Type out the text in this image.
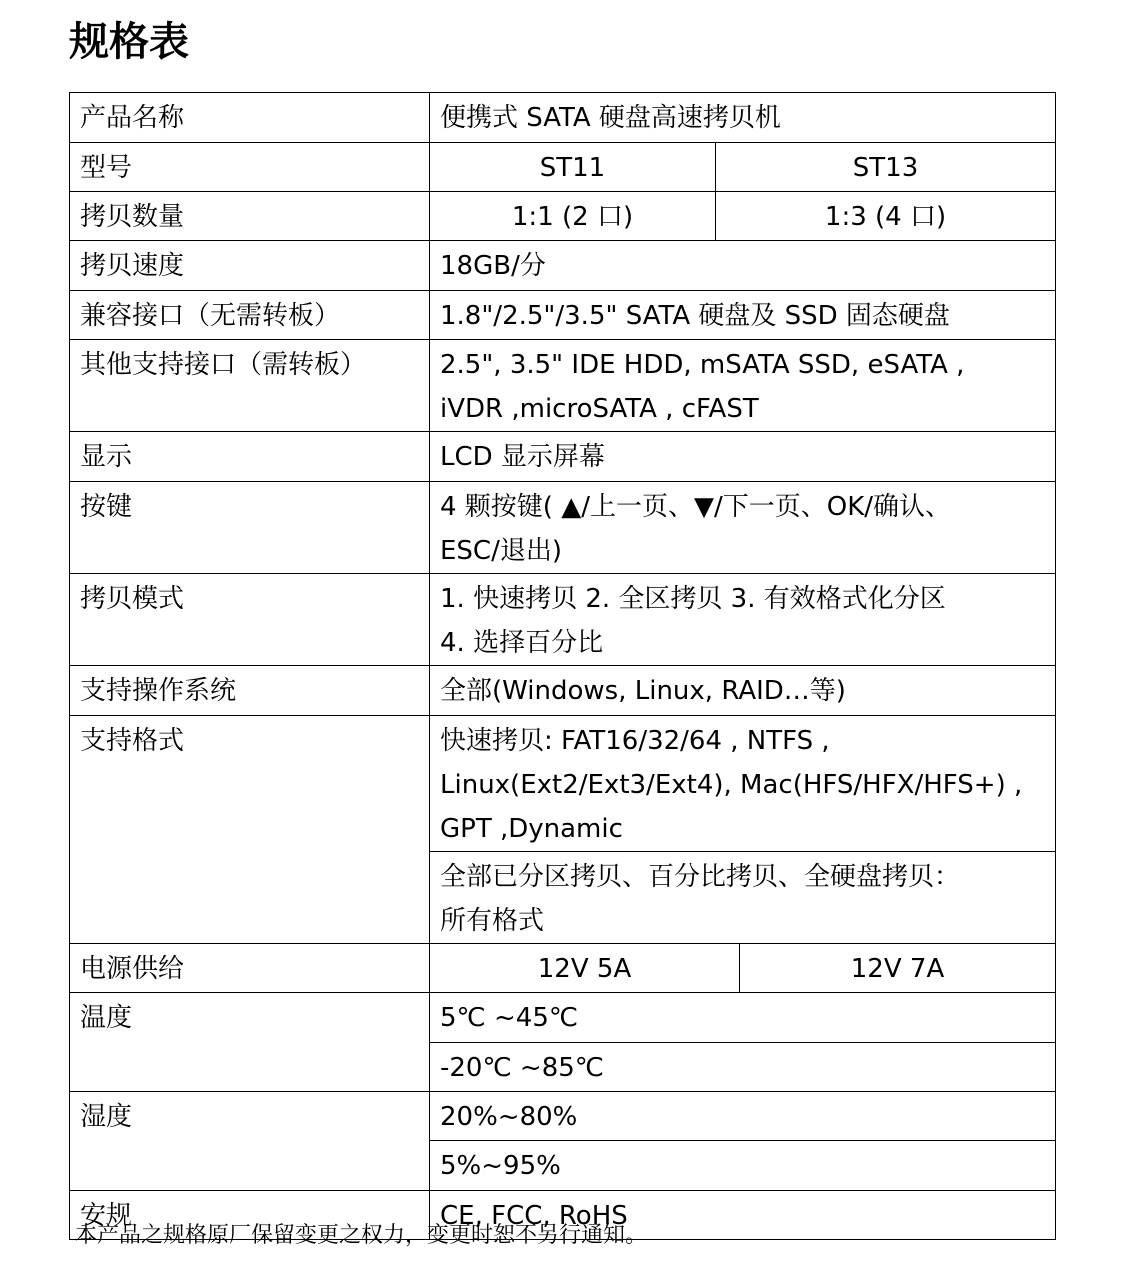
规格表
产品名称	便携式 SATA 硬盘高速拷贝机		
型号	ST11	ST13	
拷贝数量	1:1 (2 口)	1:3 (4 口)	
拷贝速度	18GB/分		
兼容接口（无需转板）	1.8"/2.5"/3.5" SATA 硬盘及 SSD 固态硬盘		
其他支持接口（需转板）	2.5", 3.5" IDE HDD, mSATA SSD, eSATA ,
iVDR ,microSATA , cFAST		

显示	LCD 显示屏幕		
按键	4 颗按键( ▲/上一页、▼/下一页、OK/确认、
ESC/退出)		

拷贝模式	1. 快速拷贝 2. 全区拷贝 3. 有效格式化分区
4. 选择百分比		

支持操作系统	全部(Windows, Linux, RAID…等)		
支持格式	快速拷贝: FAT16/32/64 , NTFS ,
Linux(Ext2/Ext3/Ext4), Mac(HFS/HFX/HFS+) ,
GPT ,Dynamic		

	全部已分区拷贝、百分比拷贝、全硬盘拷贝：
所有格式		

电源供给	12V 5A		12V 7A
温度	5℃ ~45℃		
	-20℃ ~85℃		
湿度	20%~80%		
	5%~95%		
安规	CE, FCC, RoHS		
本产品之规格原厂保留变更之权力，变更时恕不另行通知。
